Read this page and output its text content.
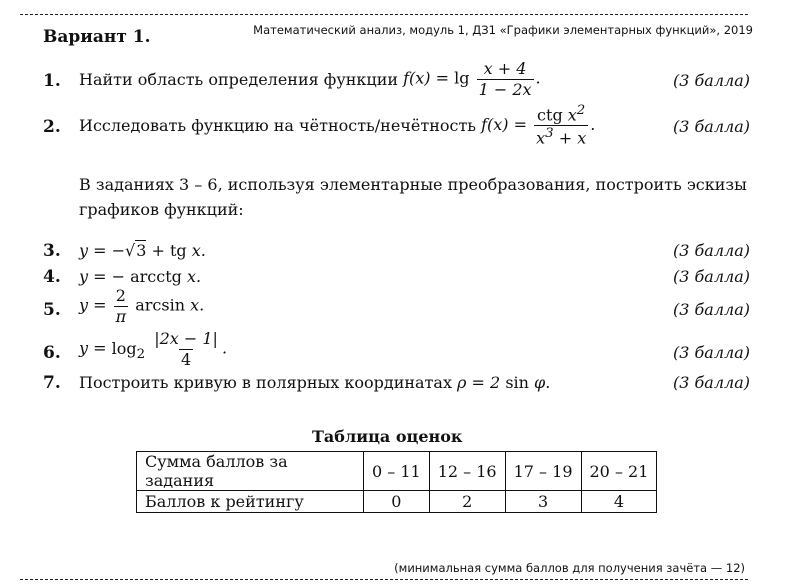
Вариант 1.	Математический анализ, модуль 1, ДЗ1 «Графики элементарных функций», 2019
1. Найти область определения функции $f(x) = \lg \frac{x + 4}{1 - 2x}$ .	(3 балла)
2. Исследовать функцию на чётность/нечётность $f(x) = \frac{ctg x^2}{x^3 + x}$ .	(3 балла)
В заданиях 3 – 6, используя элементарные преобразования, построить эскизы графиков функций:
3. y = −√3 + tg x.	(3 балла)
4. y = − arcctg x.	(3 балла)
5. $y = \frac{2}{\pi}$ arcsin x.	(3 балла)
6. $y = \log_2 \frac{|2x - 1|}{4}$ .	(3 балла)
7. Построить кривую в полярных координатах ρ = 2 sin φ.	(3 балла)
Таблица оценок
Сумма баллов за задания	0 – 11	12 – 16	17 – 19	20 – 21
Баллов к рейтингу	0	2	3	4
(минимальная сумма баллов для получения зачёта — 12)
